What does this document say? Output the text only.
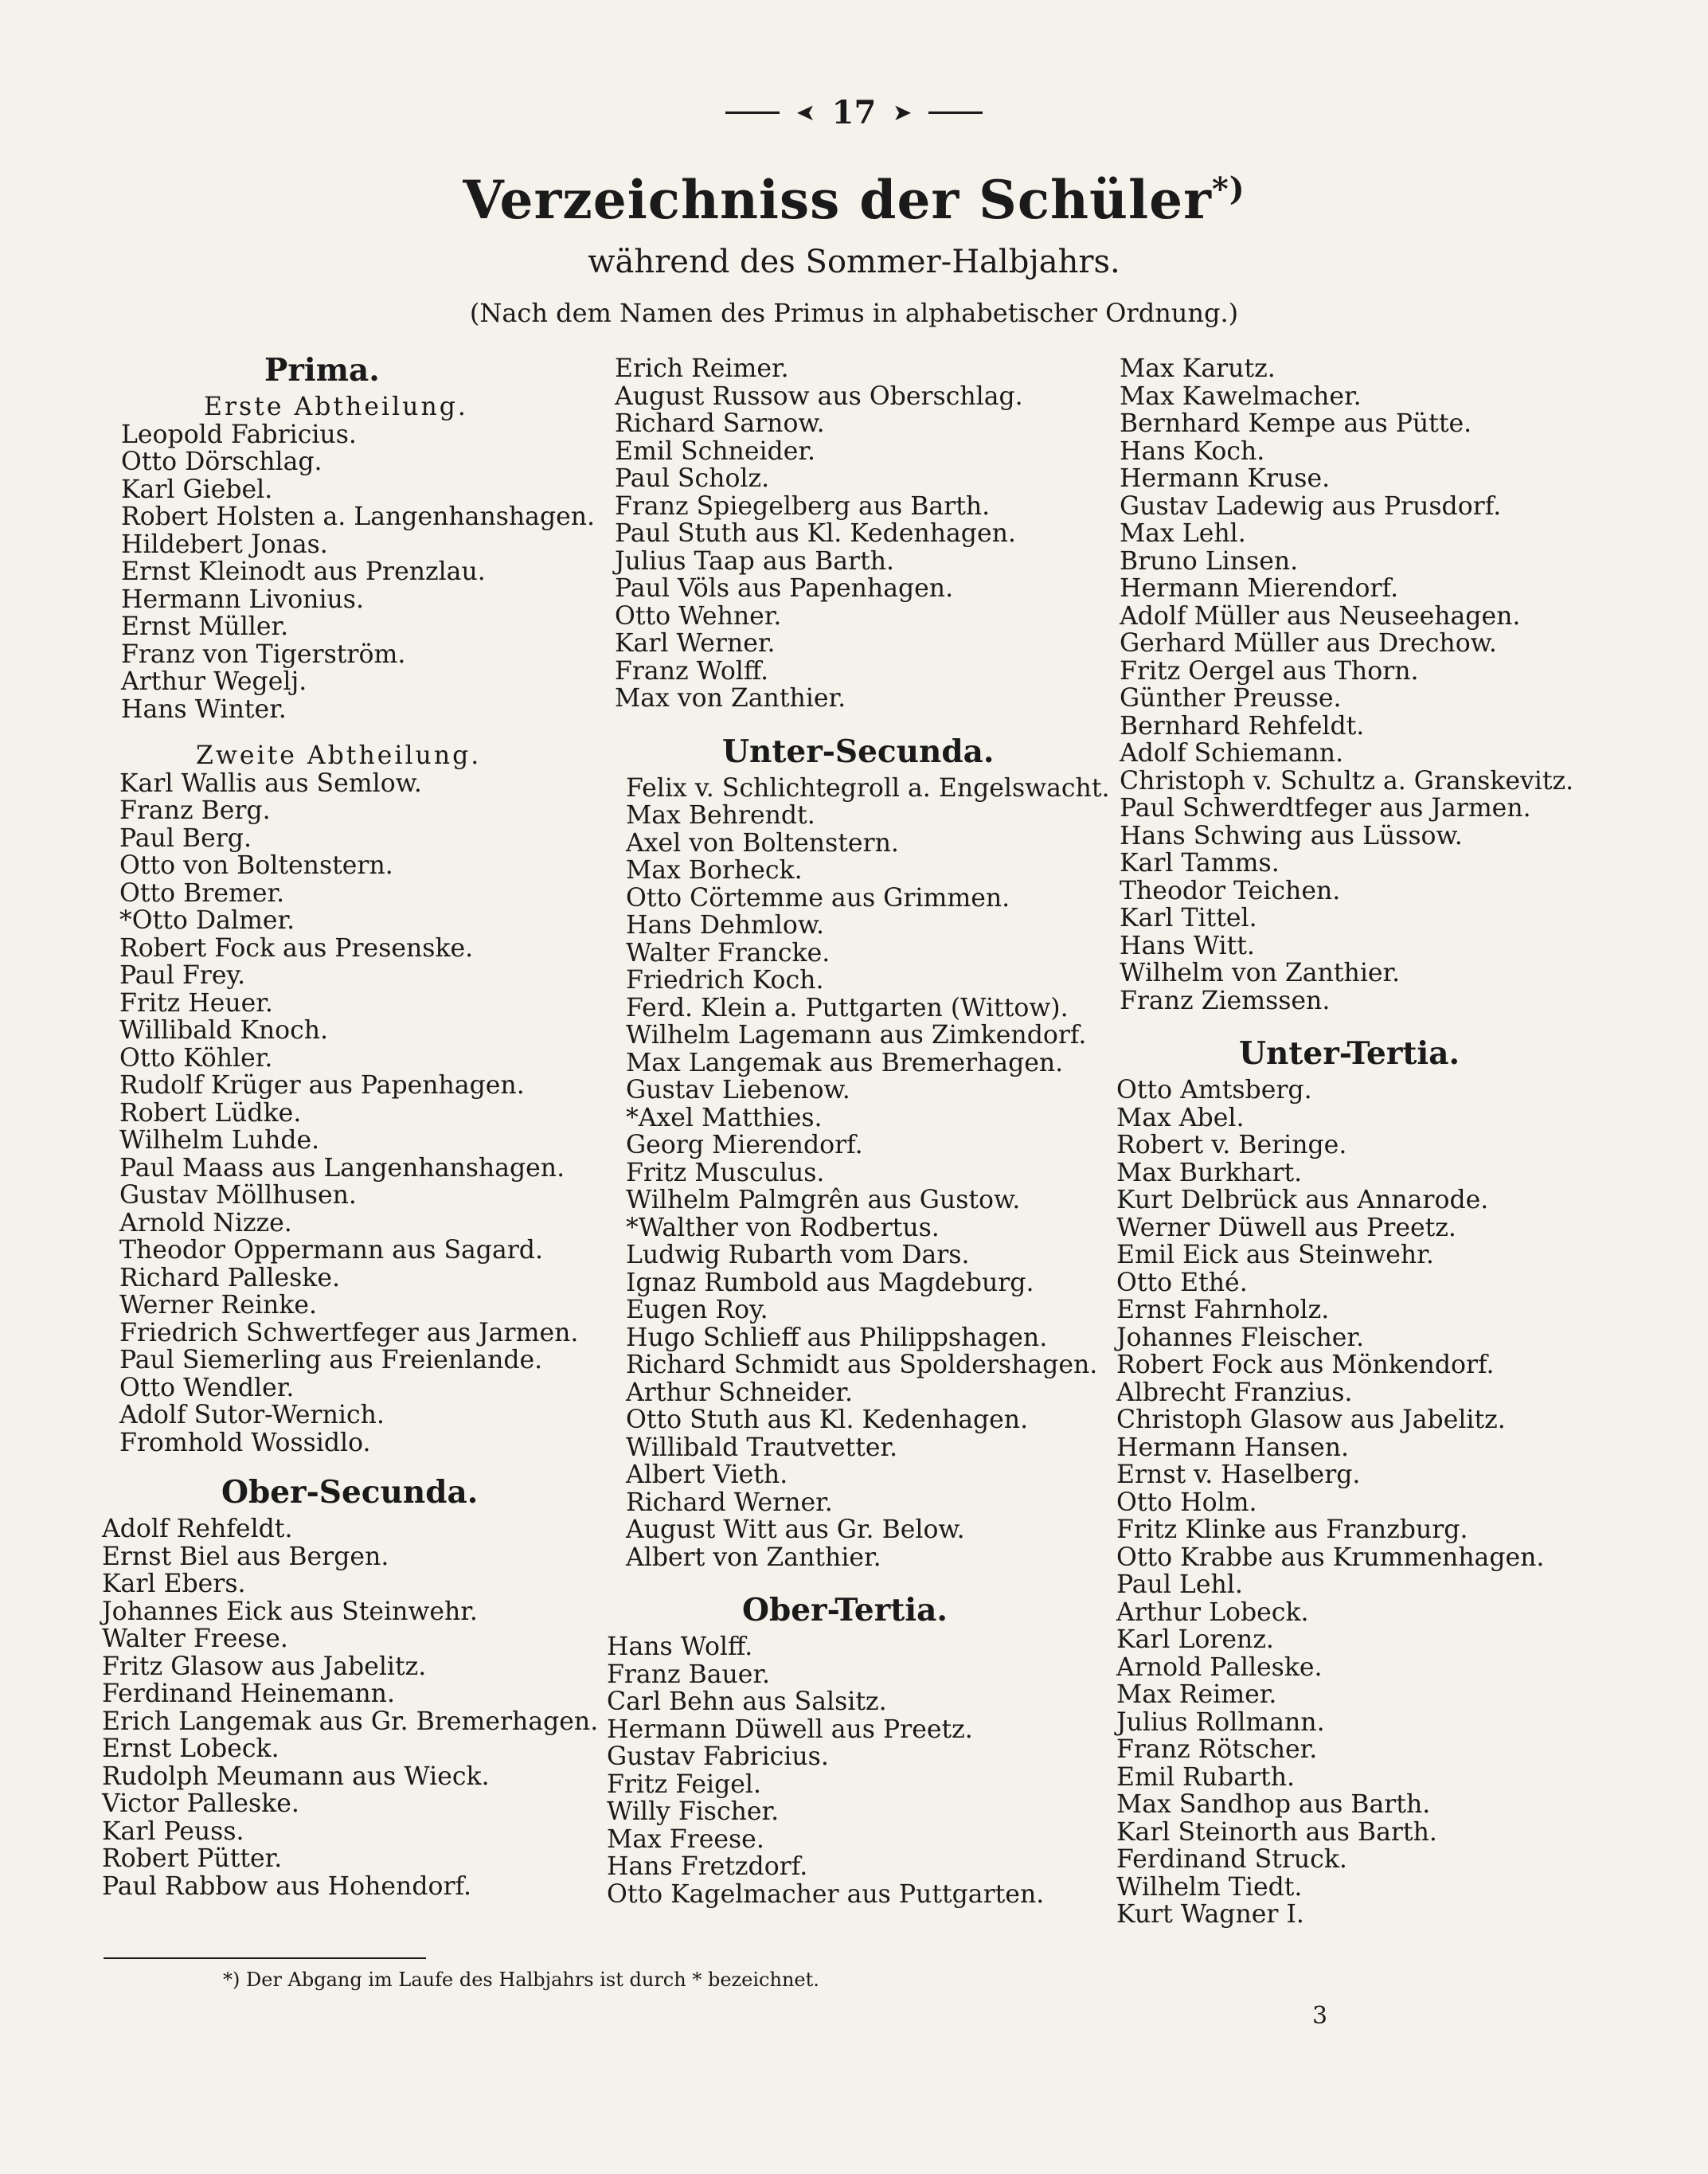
➤ 17 ➤
Verzeichniss der Schüler*)
während des Sommer-Halbjahrs.
(Nach dem Namen des Primus in alphabetischer Ordnung.)
Prima.
Erste Abtheilung.
Leopold Fabricius.
Otto Dörschlag.
Karl Giebel.
Robert Holsten a. Langenhanshagen.
Hildebert Jonas.
Ernst Kleinodt aus Prenzlau.
Hermann Livonius.
Ernst Müller.
Franz von Tigerström.
Arthur Wegelj.
Hans Winter.
Zweite Abtheilung.
Karl Wallis aus Semlow.
Franz Berg.
Paul Berg.
Otto von Boltenstern.
Otto Bremer.
*Otto Dalmer.
Robert Fock aus Presenske.
Paul Frey.
Fritz Heuer.
Willibald Knoch.
Otto Köhler.
Rudolf Krüger aus Papenhagen.
Robert Lüdke.
Wilhelm Luhde.
Paul Maass aus Langenhanshagen.
Gustav Möllhusen.
Arnold Nizze.
Theodor Oppermann aus Sagard.
Richard Palleske.
Werner Reinke.
Friedrich Schwertfeger aus Jarmen.
Paul Siemerling aus Freienlande.
Otto Wendler.
Adolf Sutor-Wernich.
Fromhold Wossidlo.
Ober-Secunda.
Adolf Rehfeldt.
Ernst Biel aus Bergen.
Karl Ebers.
Johannes Eick aus Steinwehr.
Walter Freese.
Fritz Glasow aus Jabelitz.
Ferdinand Heinemann.
Erich Langemak aus Gr. Bremerhagen.
Ernst Lobeck.
Rudolph Meumann aus Wieck.
Victor Palleske.
Karl Peuss.
Robert Pütter.
Paul Rabbow aus Hohendorf.
Erich Reimer.
August Russow aus Oberschlag.
Richard Sarnow.
Emil Schneider.
Paul Scholz.
Franz Spiegelberg aus Barth.
Paul Stuth aus Kl. Kedenhagen.
Julius Taap aus Barth.
Paul Völs aus Papenhagen.
Otto Wehner.
Karl Werner.
Franz Wolff.
Max von Zanthier.
Unter-Secunda.
Felix v. Schlichtegroll a. Engelswacht.
Max Behrendt.
Axel von Boltenstern.
Max Borheck.
Otto Cörtemme aus Grimmen.
Hans Dehmlow.
Walter Francke.
Friedrich Koch.
Ferd. Klein a. Puttgarten (Wittow).
Wilhelm Lagemann aus Zimkendorf.
Max Langemak aus Bremerhagen.
Gustav Liebenow.
*Axel Matthies.
Georg Mierendorf.
Fritz Musculus.
Wilhelm Palmgrên aus Gustow.
*Walther von Rodbertus.
Ludwig Rubarth vom Dars.
Ignaz Rumbold aus Magdeburg.
Eugen Roy.
Hugo Schlieff aus Philippshagen.
Richard Schmidt aus Spoldershagen.
Arthur Schneider.
Otto Stuth aus Kl. Kedenhagen.
Willibald Trautvetter.
Albert Vieth.
Richard Werner.
August Witt aus Gr. Below.
Albert von Zanthier.
Ober-Tertia.
Hans Wolff.
Franz Bauer.
Carl Behn aus Salsitz.
Hermann Düwell aus Preetz.
Gustav Fabricius.
Fritz Feigel.
Willy Fischer.
Max Freese.
Hans Fretzdorf.
Otto Kagelmacher aus Puttgarten.
Max Karutz.
Max Kawelmacher.
Bernhard Kempe aus Pütte.
Hans Koch.
Hermann Kruse.
Gustav Ladewig aus Prusdorf.
Max Lehl.
Bruno Linsen.
Hermann Mierendorf.
Adolf Müller aus Neuseehagen.
Gerhard Müller aus Drechow.
Fritz Oergel aus Thorn.
Günther Preusse.
Bernhard Rehfeldt.
Adolf Schiemann.
Christoph v. Schultz a. Granskevitz.
Paul Schwerdtfeger aus Jarmen.
Hans Schwing aus Lüssow.
Karl Tamms.
Theodor Teichen.
Karl Tittel.
Hans Witt.
Wilhelm von Zanthier.
Franz Ziemssen.
Unter-Tertia.
Otto Amtsberg.
Max Abel.
Robert v. Beringe.
Max Burkhart.
Kurt Delbrück aus Annarode.
Werner Düwell aus Preetz.
Emil Eick aus Steinwehr.
Otto Ethé.
Ernst Fahrnholz.
Johannes Fleischer.
Robert Fock aus Mönkendorf.
Albrecht Franzius.
Christoph Glasow aus Jabelitz.
Hermann Hansen.
Ernst v. Haselberg.
Otto Holm.
Fritz Klinke aus Franzburg.
Otto Krabbe aus Krummenhagen.
Paul Lehl.
Arthur Lobeck.
Karl Lorenz.
Arnold Palleske.
Max Reimer.
Julius Rollmann.
Franz Rötscher.
Emil Rubarth.
Max Sandhop aus Barth.
Karl Steinorth aus Barth.
Ferdinand Struck.
Wilhelm Tiedt.
Kurt Wagner I.
*) Der Abgang im Laufe des Halbjahrs ist durch * bezeichnet.
3
